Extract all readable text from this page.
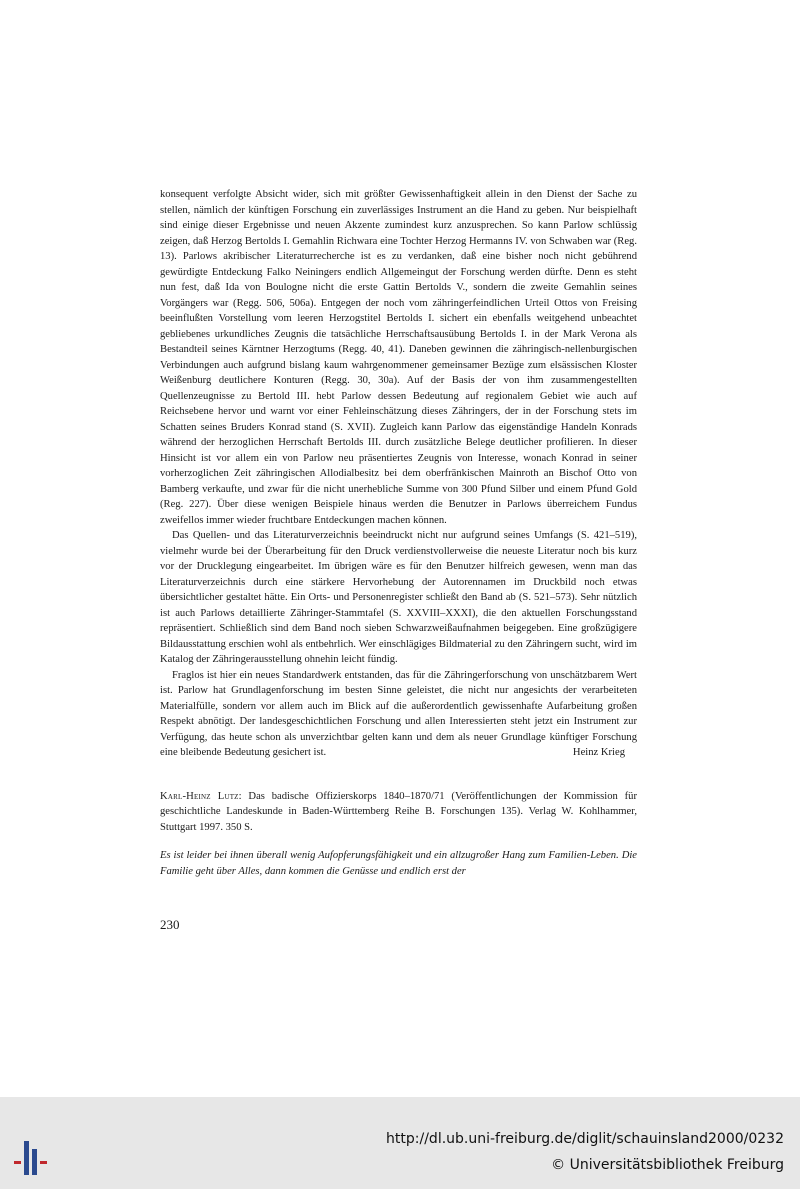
konsequent verfolgte Absicht wider, sich mit größter Gewissenhaftigkeit allein in den Dienst der Sache zu stellen, nämlich der künftigen Forschung ein zuverlässiges Instrument an die Hand zu geben. Nur beispielhaft sind einige dieser Ergebnisse und neuen Akzente zumindest kurz anzusprechen. So kann Parlow schlüssig zeigen, daß Herzog Bertolds I. Gemahlin Richwara eine Tochter Herzog Hermanns IV. von Schwaben war (Reg. 13). Parlows akribischer Literaturrecherche ist es zu verdanken, daß eine bisher noch nicht gebührend gewürdigte Entdeckung Falko Neiningers endlich Allgemeingut der Forschung werden dürfte. Denn es steht nun fest, daß Ida von Boulogne nicht die erste Gattin Bertolds V., sondern die zweite Gemahlin seines Vorgängers war (Regg. 506, 506a). Entgegen der noch vom zähringerfeindlichen Urteil Ottos von Freising beeinflußten Vorstellung vom leeren Herzogstitel Bertolds I. sichert ein ebenfalls weitgehend unbeachtet gebliebenes urkundliches Zeugnis die tatsächliche Herrschaftsausübung Bertolds I. in der Mark Verona als Bestandteil seines Kärntner Herzogtums (Regg. 40, 41). Daneben gewinnen die zähringisch-nellenburgischen Verbindungen auch aufgrund bislang kaum wahrgenommener gemeinsamer Bezüge zum elsässischen Kloster Weißenburg deutlichere Konturen (Regg. 30, 30a). Auf der Basis der von ihm zusammengestellten Quellenzeugnisse zu Bertold III. hebt Parlow dessen Bedeutung auf regionalem Gebiet wie auch auf Reichsebene hervor und warnt vor einer Fehleinschätzung dieses Zähringers, der in der Forschung stets im Schatten seines Bruders Konrad stand (S. XVII). Zugleich kann Parlow das eigenständige Handeln Konrads während der herzoglichen Herrschaft Bertolds III. durch zusätzliche Belege deutlicher profilieren. In dieser Hinsicht ist vor allem ein von Parlow neu präsentiertes Zeugnis von Interesse, wonach Konrad in seiner vorherzoglichen Zeit zähringischen Allodialbesitz bei dem oberfränkischen Mainroth an Bischof Otto von Bamberg verkaufte, und zwar für die nicht unerhebliche Summe von 300 Pfund Silber und einem Pfund Gold (Reg. 227). Über diese wenigen Beispiele hinaus werden die Benutzer in Parlows überreichem Fundus zweifellos immer wieder fruchtbare Entdeckungen machen können.

Das Quellen- und das Literaturverzeichnis beeindruckt nicht nur aufgrund seines Umfangs (S. 421–519), vielmehr wurde bei der Überarbeitung für den Druck verdienstvollerweise die neueste Literatur noch bis kurz vor der Drucklegung eingearbeitet. Im übrigen wäre es für den Benutzer hilfreich gewesen, wenn man das Literaturverzeichnis durch eine stärkere Hervorhebung der Autorennamen im Druckbild noch etwas übersichtlicher gestaltet hätte. Ein Orts- und Personenregister schließt den Band ab (S. 521–573). Sehr nützlich ist auch Parlows detaillierte Zähringer-Stammtafel (S. XXVIII–XXXI), die den aktuellen Forschungsstand repräsentiert. Schließlich sind dem Band noch sieben Schwarzweißaufnahmen beigegeben. Eine großzügigere Bildausstattung erschien wohl als entbehrlich. Wer einschlägiges Bildmaterial zu den Zähringern sucht, wird im Katalog der Zähringerausstellung ohnehin leicht fündig.

Fraglos ist hier ein neues Standardwerk entstanden, das für die Zähringerforschung von unschätzbarem Wert ist. Parlow hat Grundlagenforschung im besten Sinne geleistet, die nicht nur angesichts der verarbeiteten Materialfülle, sondern vor allem auch im Blick auf die außerordentlich gewissenhafte Aufarbeitung großen Respekt abnötigt. Der landesgeschichtlichen Forschung und allen Interessierten steht jetzt ein Instrument zur Verfügung, das heute schon als unverzichtbar gelten kann und dem als neuer Grundlage künftiger Forschung eine bleibende Bedeutung gesichert ist.	Heinz Krieg

Karl-Heinz Lutz: Das badische Offizierskorps 1840–1870/71 (Veröffentlichungen der Kommission für geschichtliche Landeskunde in Baden-Württemberg Reihe B. Forschungen 135). Verlag W. Kohlhammer, Stuttgart 1997. 350 S.

Es ist leider bei ihnen überall wenig Aufopferungsfähigkeit und ein allzugroßer Hang zum Familien-Leben. Die Familie geht über Alles, dann kommen die Genüsse und endlich erst der

230
http://dl.ub.uni-freiburg.de/diglit/schauinsland2000/0232
© Universitätsbibliothek Freiburg
